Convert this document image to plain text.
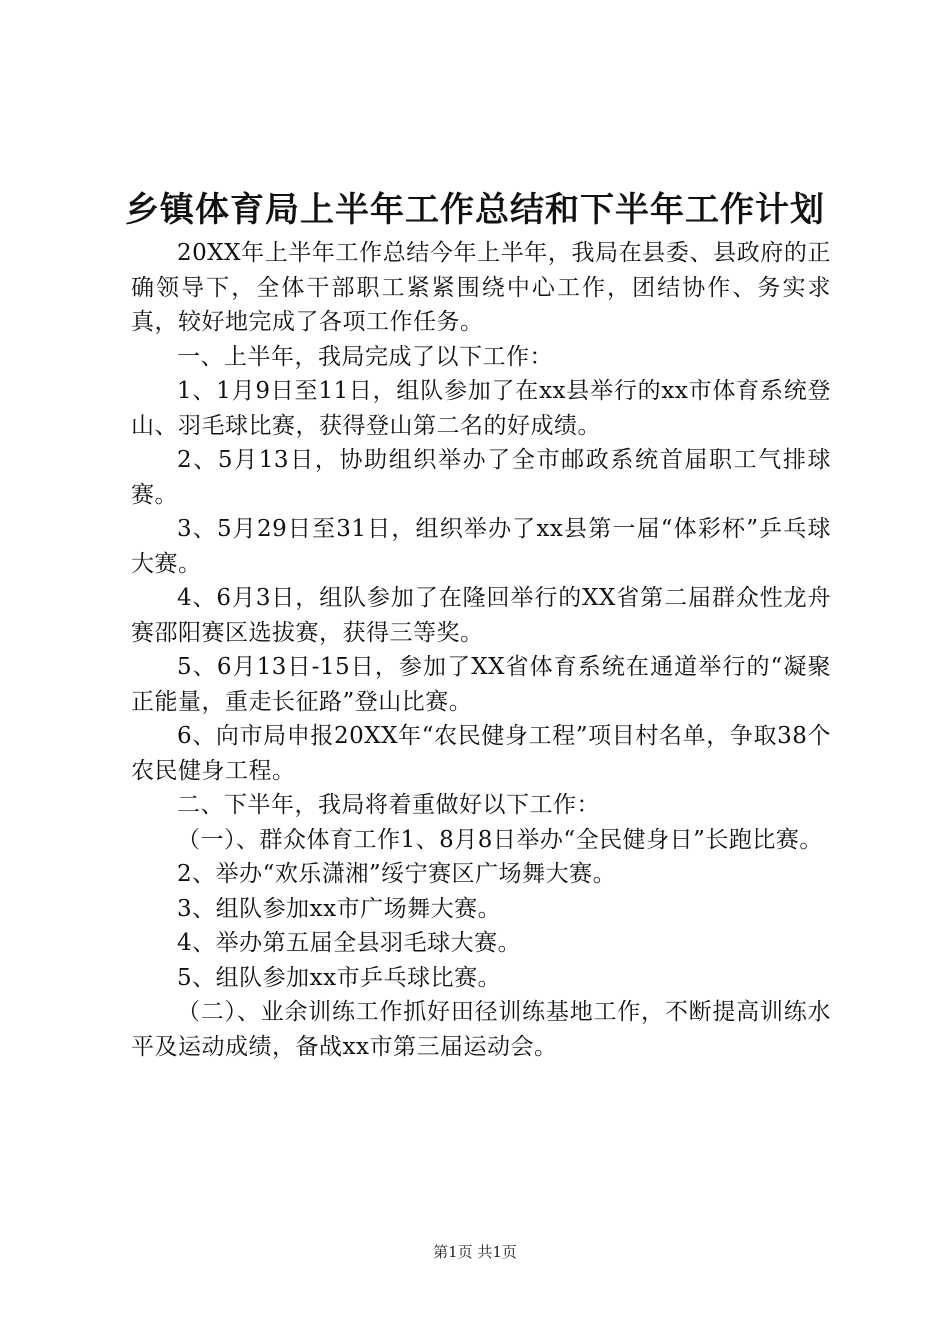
乡镇体育局上半年工作总结和下半年工作计划

20XX年上半年工作总结今年上半年，我局在县委、县政府的正确领导下，全体干部职工紧紧围绕中心工作，团结协作、务实求真，较好地完成了各项工作任务。

一、上半年，我局完成了以下工作：

1、1月9日至11日，组队参加了在xx县举行的xx市体育系统登山、羽毛球比赛，获得登山第二名的好成绩。

2、5月13日，协助组织举办了全市邮政系统首届职工气排球赛。

3、5月29日至31日，组织举办了xx县第一届“体彩杯”乒乓球大赛。

4、6月3日，组队参加了在隆回举行的XX省第二届群众性龙舟赛邵阳赛区选拔赛，获得三等奖。

5、6月13日-15日，参加了XX省体育系统在通道举行的“凝聚正能量，重走长征路”登山比赛。

6、向市局申报20XX年“农民健身工程”项目村名单，争取38个农民健身工程。

二、下半年，我局将着重做好以下工作：

（一）、群众体育工作1、8月8日举办“全民健身日”长跑比赛。

2、举办“欢乐潇湘”绥宁赛区广场舞大赛。

3、组队参加xx市广场舞大赛。

4、举办第五届全县羽毛球大赛。

5、组队参加xx市乒乓球比赛。

（二）、业余训练工作抓好田径训练基地工作，不断提高训练水平及运动成绩，备战xx市第三届运动会。

第1页 共1页
